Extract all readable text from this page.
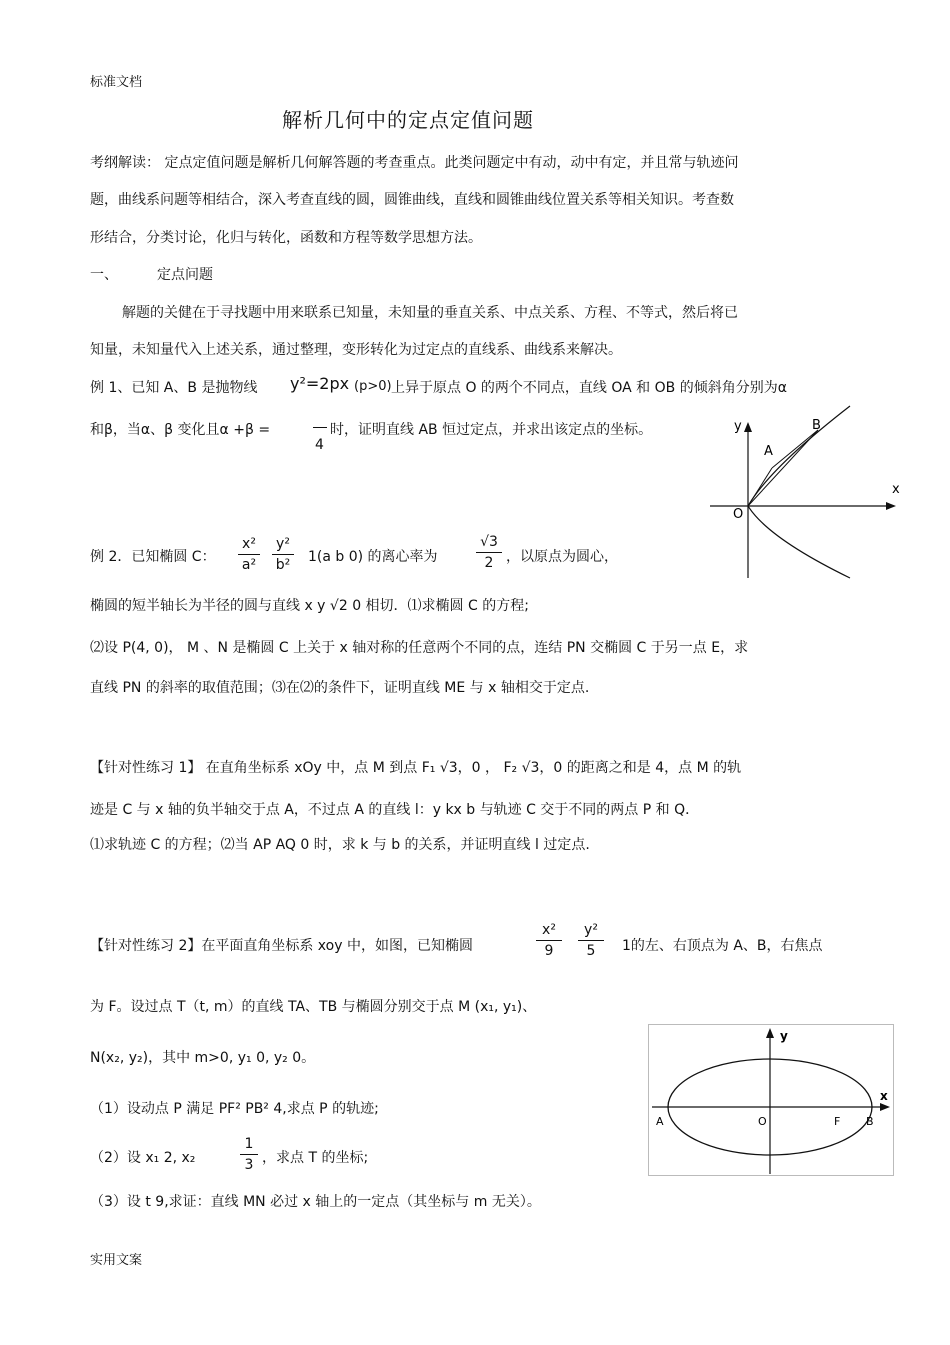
标准文档
解析几何中的定点定值问题
考纲解读： 定点定值问题是解析几何解答题的考查重点。此类问题定中有动，动中有定，并且常与轨迹问
题，曲线系问题等相结合，深入考查直线的圆，圆锥曲线，直线和圆锥曲线位置关系等相关知识。考查数
形结合，分类讨论，化归与转化，函数和方程等数学思想方法。
一、	定点问题
解题的关健在于寻找题中用来联系已知量，未知量的垂直关系、中点关系、方程、不等式，然后将已
知量，未知量代入上述关系，通过整理，变形转化为过定点的直线系、曲线系来解决。
例 1、已知 A、B 是抛物线 y²=2px (p>0) 上异于原点 O 的两个不同点，直线 OA 和 OB 的倾斜角分别为α
和β，当α、β 变化且α +β =
4
时，证明直线 AB 恒过定点，并求出该定点的坐标。	y
x
O
A
B
例 2．已知椭圆 C：
x²
a²
y²
b² 1(a b 0) 的离心率为
√3
2 ，以原点为圆心，
椭圆的短半轴长为半径的圆与直线 x y √2 0 相切．⑴求椭圆 C 的方程;
⑵设 P(4, 0)， M 、N 是椭圆 C 上关于 x 轴对称的任意两个不同的点，连结 PN 交椭圆 C 于另一点 E，求
直线 PN 的斜率的取值范围；⑶在⑵的条件下，证明直线 ME 与 x 轴相交于定点.
【针对性练习 1】 在直角坐标系 xOy 中，点 M 到点 F₁ √3，0 ， F₂ √3，0 的距离之和是 4，点 M 的轨
迹是 C 与 x 轴的负半轴交于点 A，不过点 A 的直线 l：y kx b 与轨迹 C 交于不同的两点 P 和 Q．
⑴求轨迹 C 的方程；⑵当 AP AQ 0 时，求 k 与 b 的关系，并证明直线 l 过定点.
【针对性练习 2】在平面直角坐标系 xoy 中，如图，已知椭圆
x²
9
y²
5	1的左、右顶点为 A、B，右焦点
为 F。设过点 T（t, m）的直线 TA、TB 与椭圆分别交于点 M (x₁, y₁)、
N(x₂, y₂)，其中 m>0, y₁ 0, y₂ 0。
（1）设动点 P 满足 PF² PB² 4,求点 P 的轨迹;
（2）设 x₁ 2, x₂
1
3 ，求点 T 的坐标;
（3）设 t 9,求证：直线 MN 必过 x 轴上的一定点（其坐标与 m 无关）。
y
x
O
A	F B
实用文案
